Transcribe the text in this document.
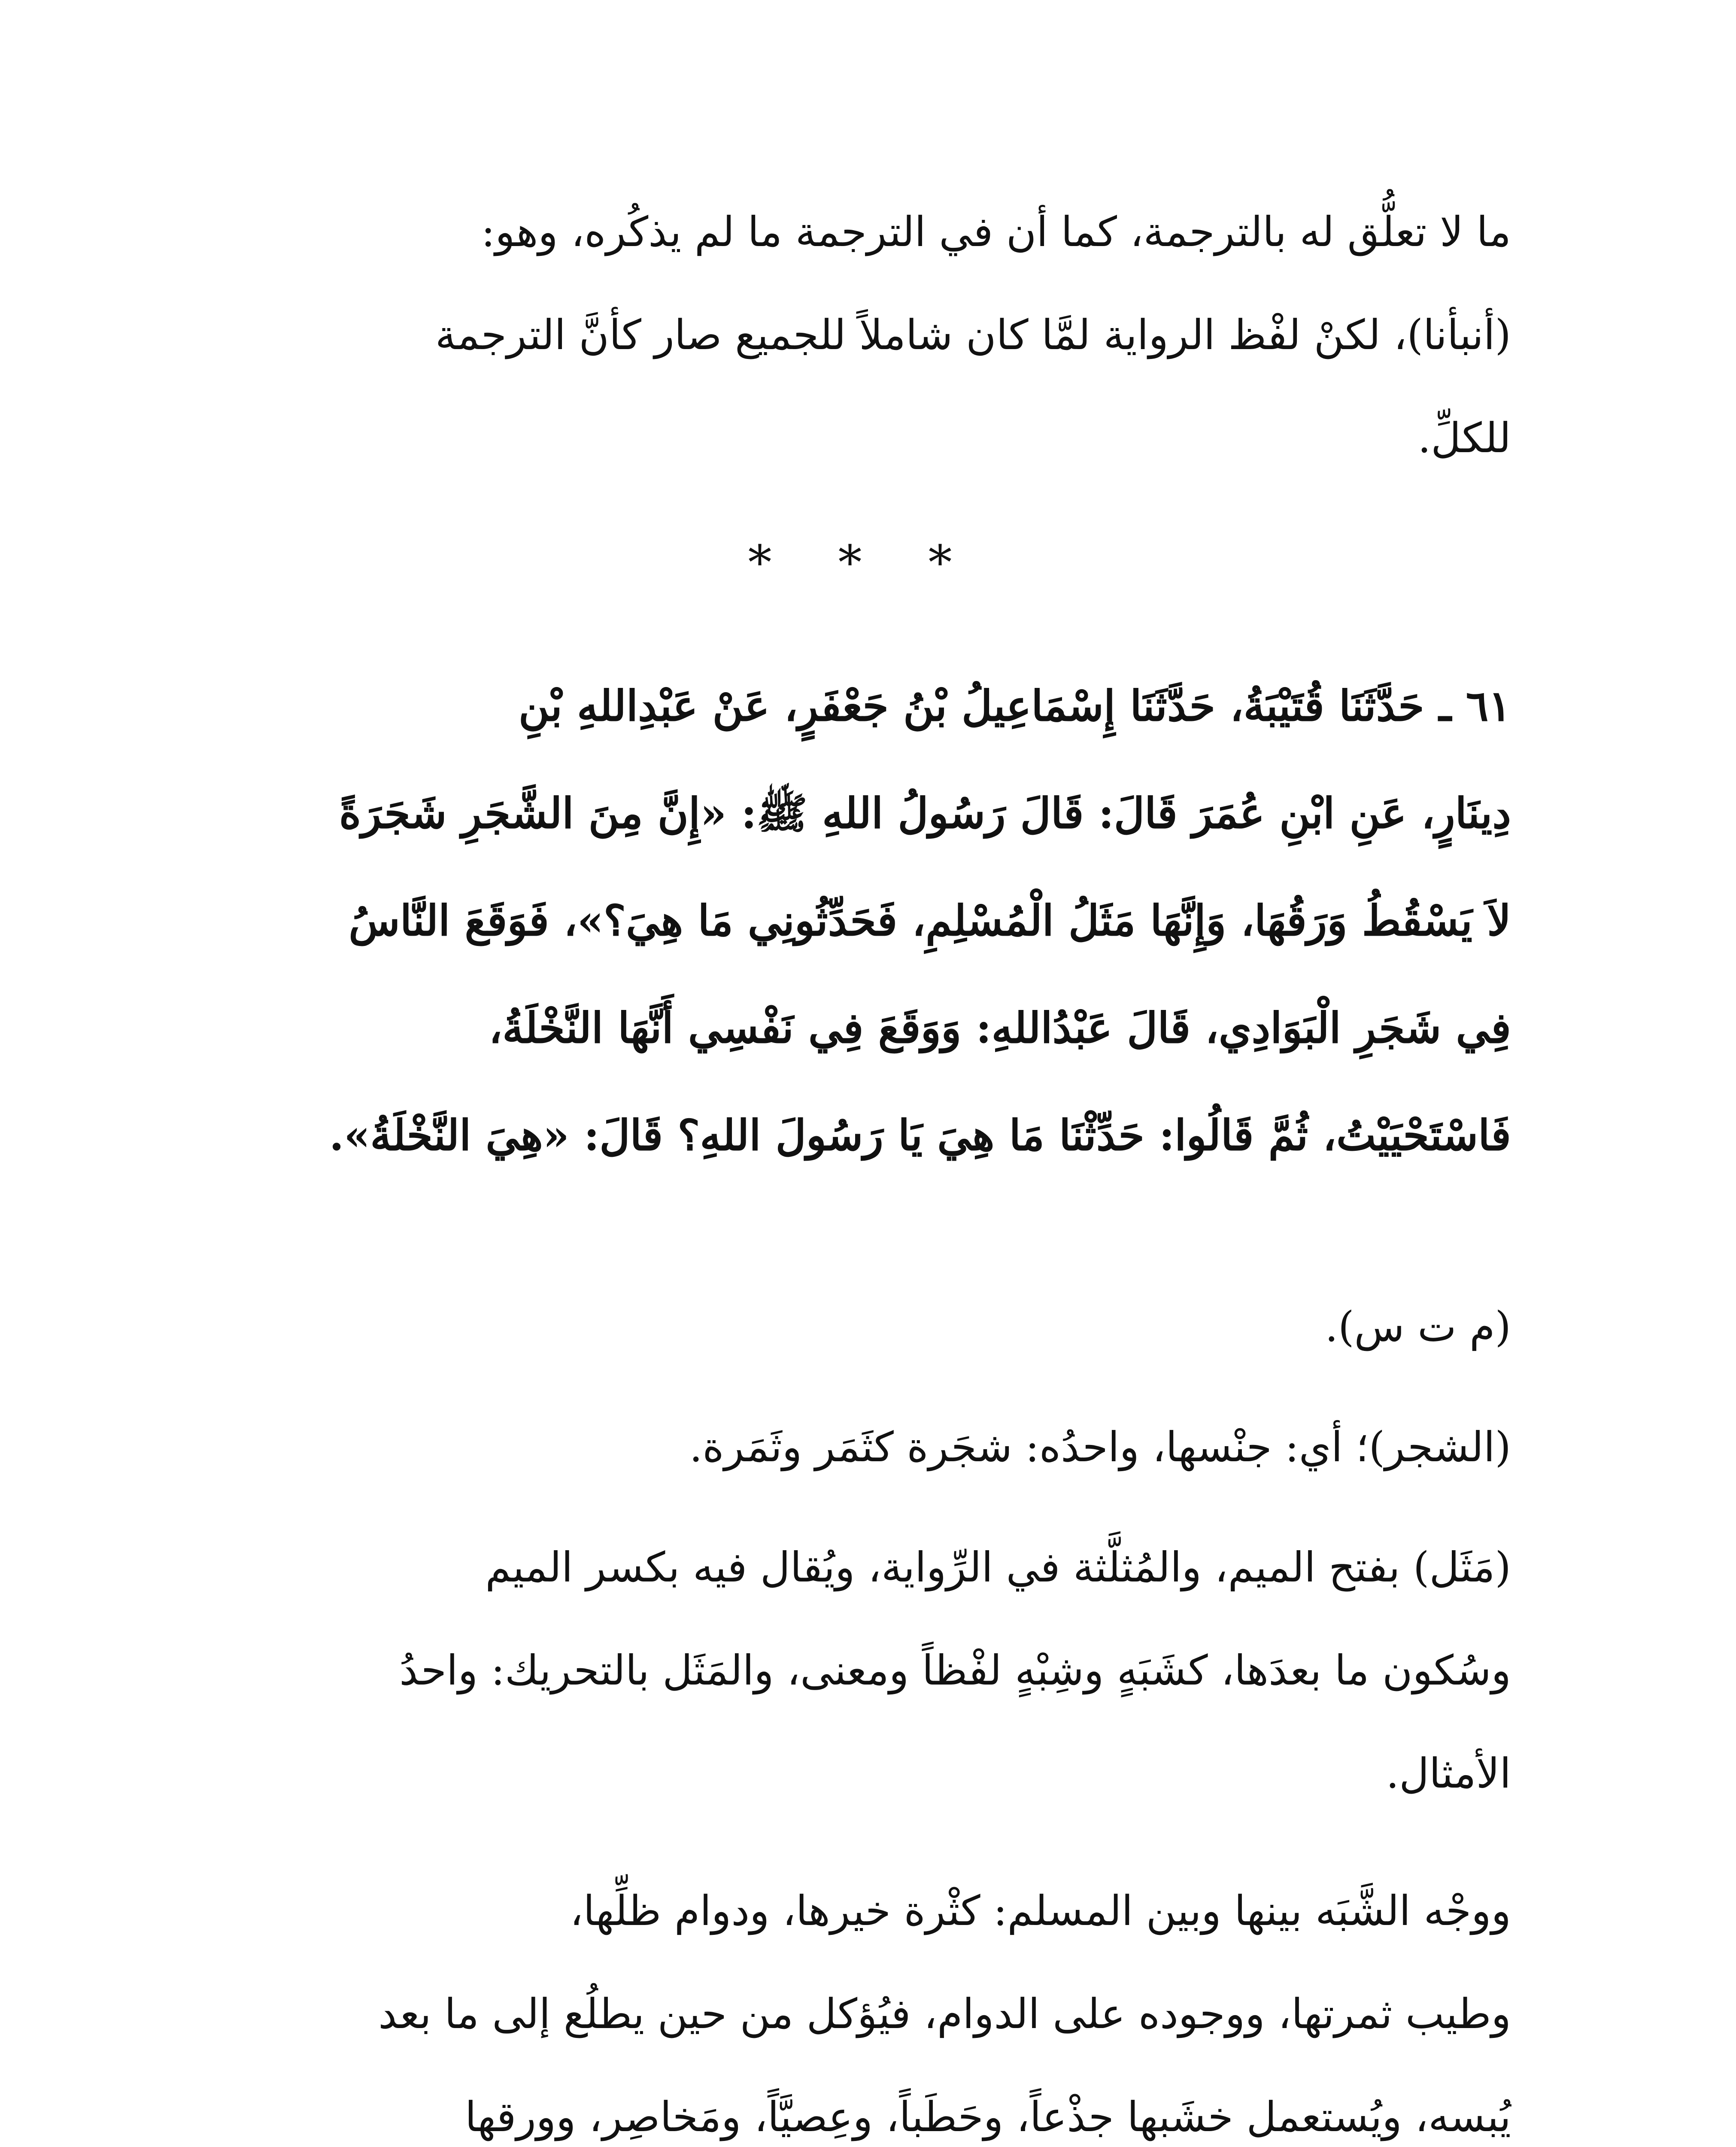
ما لا تعلُّق له بالترجمة، كما أن في الترجمة ما لم يذكُره، وهو:
(أنبأنا)، لكنْ لفْظ الرواية لمَّا كان شاملاً للجميع صار كأنَّ الترجمة
للكلِّ.
* * *
٦١ ـ حَدَّثَنَا قُتَيْبَةُ، حَدَّثَنَا إِسْمَاعِيلُ بْنُ جَعْفَرٍ، عَنْ عَبْدِاللهِ بْنِ
دِينَارٍ، عَنِ ابْنِ عُمَرَ قَالَ: قَالَ رَسُولُ اللهِ ﷺ: «إِنَّ مِنَ الشَّجَرِ شَجَرَةً
لاَ يَسْقُطُ وَرَقُهَا، وَإِنَّهَا مَثَلُ الْمُسْلِمِ، فَحَدِّثُونِي مَا هِيَ؟»، فَوَقَعَ النَّاسُ
فِي شَجَرِ الْبَوَادِي، قَالَ عَبْدُاللهِ: وَوَقَعَ فِي نَفْسِي أَنَّهَا النَّخْلَةُ،
فَاسْتَحْيَيْتُ، ثُمَّ قَالُوا: حَدِّثْنَا مَا هِيَ يَا رَسُولَ اللهِ؟ قَالَ: «هِيَ النَّخْلَةُ».
(م ت س).
(الشجر)؛ أي: جنْسها، واحدُه: شجَرة كثَمَر وثَمَرة.
(مَثَل) بفتح الميم، والمُثلَّثة في الرِّواية، ويُقال فيه بكسر الميم
وسُكون ما بعدَها، كشَبَهٍ وشِبْهٍ لفْظاً ومعنى، والمَثَل بالتحريك: واحدُ
الأمثال.
ووجْه الشَّبَه بينها وبين المسلم: كثْرة خيرها، ودوام ظلِّها،
وطيب ثمرتها، ووجوده على الدوام، فيُؤكل من حين يطلُع إلى ما بعد
يُبسه، ويُستعمل خشَبها جذْعاً، وحَطَباً، وعِصيَّاً، ومَخاصِر، وورقها
